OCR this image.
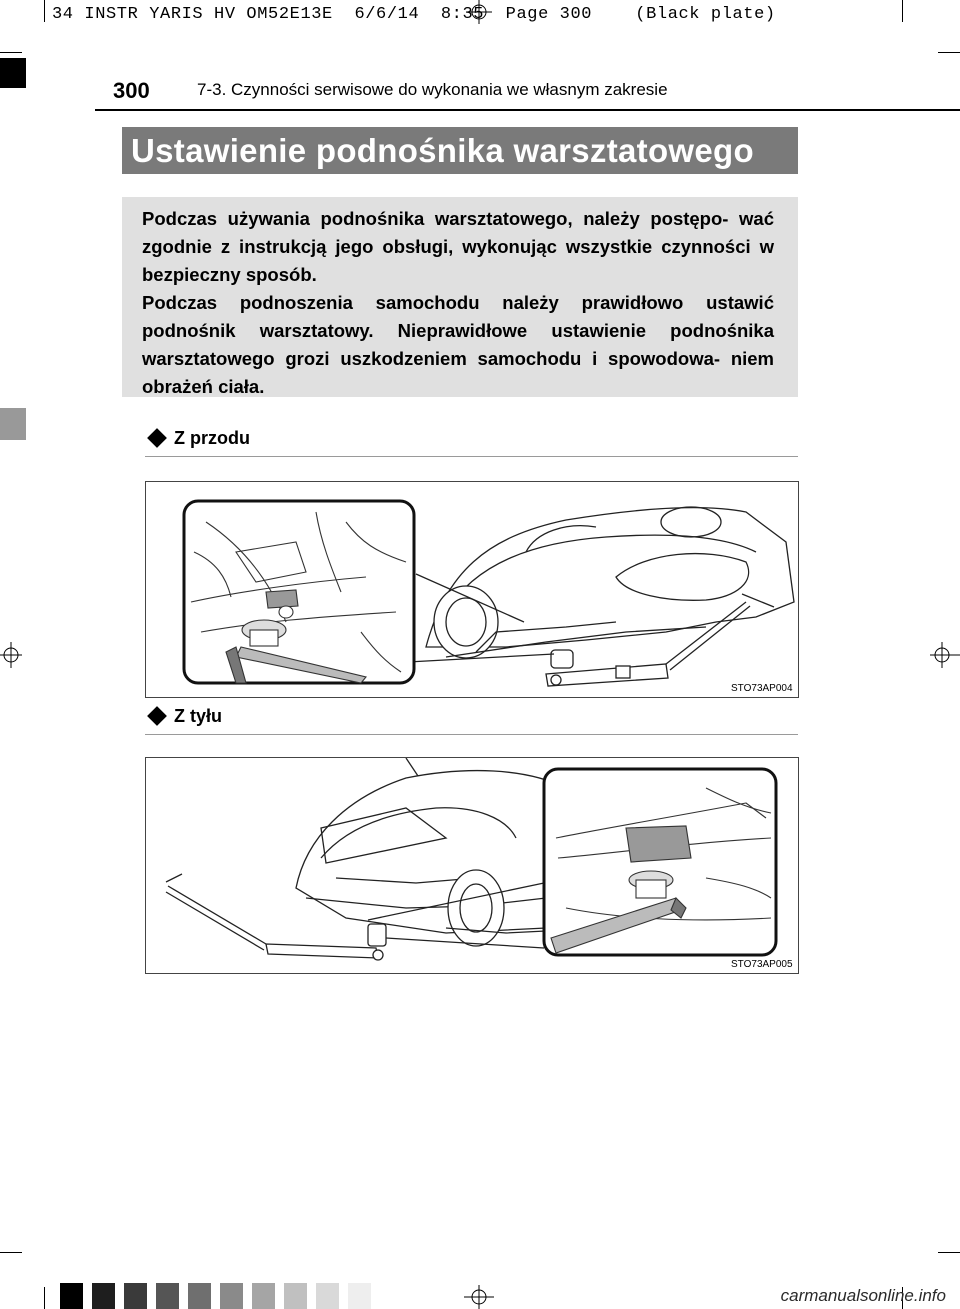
34 INSTR YARIS HV OM52E13E  6/6/14  8:35  Page 300    (Black plate)
300	7-3. Czynności serwisowe do wykonania we własnym zakresie
Ustawienie podnośnika warsztatowego
Podczas używania podnośnika warsztatowego, należy postępo- wać zgodnie z instrukcją jego obsługi, wykonując wszystkie czynności w bezpieczny sposób.
Podczas podnoszenia samochodu należy prawidłowo ustawić podnośnik warsztatowy. Nieprawidłowe ustawienie podnośnika warsztatowego grozi uszkodzeniem samochodu i spowodowa- niem obrażeń ciała.
Z przodu
STO73AP004
Z tyłu
STO73AP005
carmanualsonline.info
